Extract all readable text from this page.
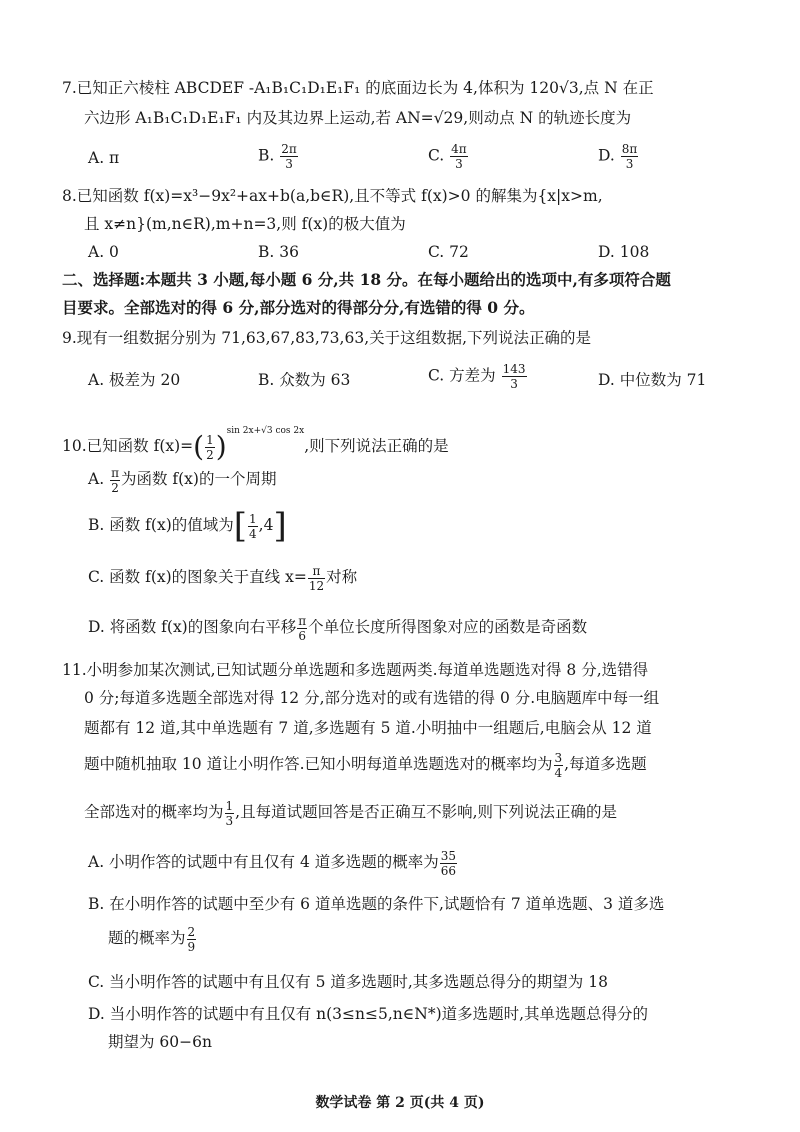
7.已知正六棱柱 ABCDEF -A₁B₁C₁D₁E₁F₁ 的底面边长为 4,体积为 120√3,点 N 在正
六边形 A₁B₁C₁D₁E₁F₁ 内及其边界上运动,若 AN=√29,则动点 N 的轨迹长度为
A. π	B. $\frac{2\pi}{3}$	C. $\frac{4\pi}{3}$	D. $\frac{8\pi}{3}$
8.已知函数 f(x)=x³−9x²+ax+b(a,b∈R),且不等式 f(x)>0 的解集为{x|x>m,
且 x≠n}(m,n∈R),m+n=3,则 f(x)的极大值为
A. 0	B. 36	C. 72	D. 108
二、选择题:本题共 3 小题,每小题 6 分,共 18 分。在每小题给出的选项中,有多项符合题
目要求。全部选对的得 6 分,部分选对的得部分分,有选错的得 0 分。
9.现有一组数据分别为 71,63,67,83,73,63,关于这组数据,下列说法正确的是
A. 极差为 20	B. 众数为 63	C. 方差为 $\frac{143}{3}$	D. 中位数为 71
10.已知函数 $f(x)=( \frac{1}{2} )^{sin 2x+√3 cos 2x}$,则下列说法正确的是
A. $\frac{\pi}{2}$ 为函数 f(x)的一个周期
B. 函数 f(x)的值域为[ $\frac{1}{4} ,4$]
C. 函数 f(x)的图象关于直线 $x= \frac{\pi}{12}$ 对称
D. 将函数 f(x)的图象向右平移 $\frac{\pi}{6}$ 个单位长度所得图象对应的函数是奇函数
11.小明参加某次测试,已知试题分单选题和多选题两类.每道单选题选对得 8 分,选错得
0 分;每道多选题全部选对得 12 分,部分选对的或有选错的得 0 分.电脑题库中每一组
题都有 12 道,其中单选题有 7 道,多选题有 5 道.小明抽中一组题后,电脑会从 12 道
题中随机抽取 10 道让小明作答.已知小明每道单选题选对的概率均为 $\frac{3}{4}$ ,每道多选题
全部选对的概率均为 $\frac{1}{3}$ ,且每道试题回答是否正确互不影响,则下列说法正确的是
A. 小明作答的试题中有且仅有 4 道多选题的概率为 $\frac{35}{66}$
B. 在小明作答的试题中至少有 6 道单选题的条件下,试题恰有 7 道单选题、3 道多选
题的概率为 $\frac{2}{9}$
C. 当小明作答的试题中有且仅有 5 道多选题时,其多选题总得分的期望为 18
D. 当小明作答的试题中有且仅有 n(3≤n≤5,n∈N*)道多选题时,其单选题总得分的
期望为 60−6n
数学试卷 第 2 页(共 4 页)
